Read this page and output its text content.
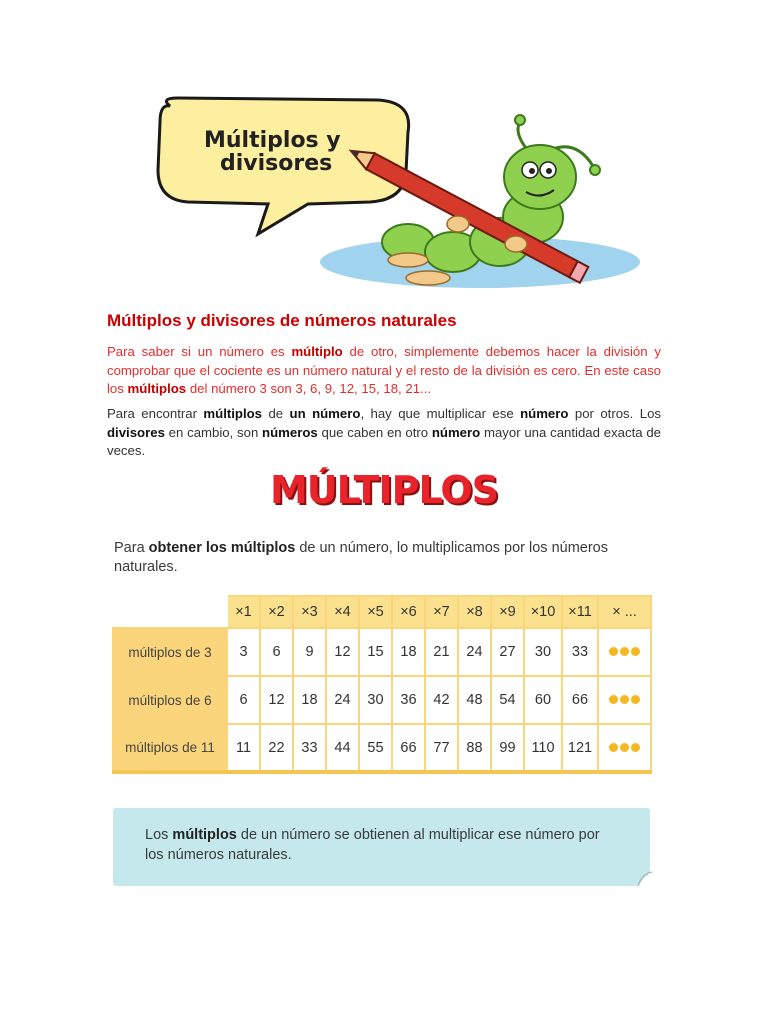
Múltiplos y
divisores
Múltiplos y divisores de números naturales

Para saber si un número es múltiplo de otro, simplemente debemos hacer la división y comprobar que el cociente es un número natural y el resto de la división es cero. En este caso los múltiplos del número 3 son 3, 6, 9, 12, 15, 18, 21...

Para encontrar múltiplos de un número, hay que multiplicar ese número por otros. Los divisores en cambio, son números que caben en otro número mayor una cantidad exacta de veces.

MÚLTIPLOS

Para obtener los múltiplos de un número, lo multiplicamos por los números naturales.

	×1	×2	×3	×4	×5	×6	×7	×8	×9	×10	×11	× ...
múltiplos de 3	3	6	9	12	15	18	21	24	27	30	33	

múltiplos de 6	6	12	18	24	30	36	42	48	54	60	66	

múltiplos de 11	11	22	33	44	55	66	77	88	99	110	121	
Los múltiplos de un número se obtienen al multiplicar ese número por los números naturales.
